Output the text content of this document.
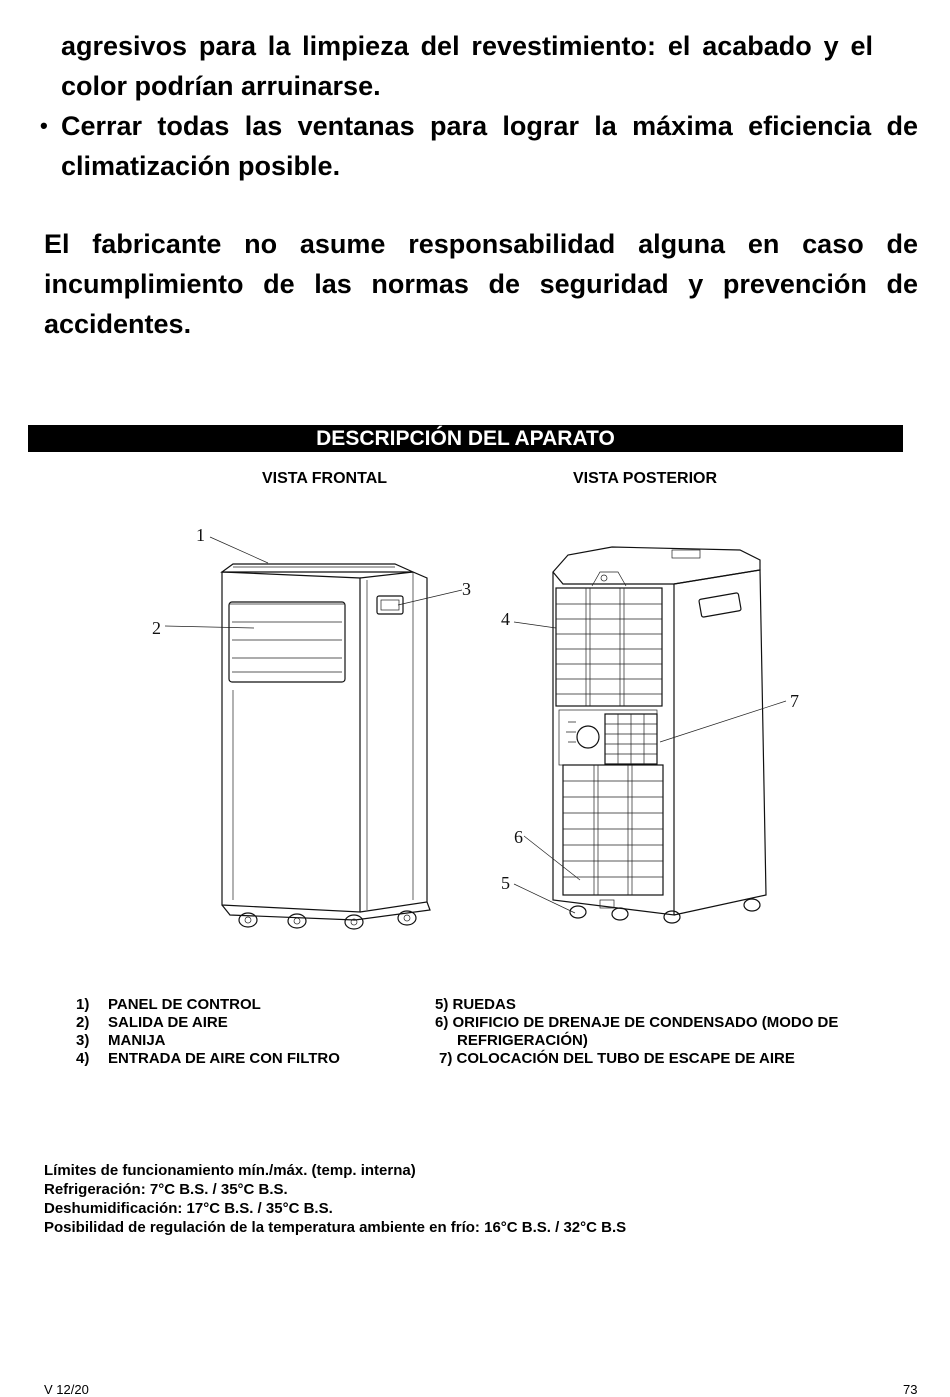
agresivos para la limpieza del revestimiento: el acabado y el

color podrían arruinarse.

• Cerrar todas las ventanas para lograr la máxima eficiencia de

climatización posible.

El fabricante no asume responsabilidad alguna en caso de

incumplimiento de las normas de seguridad y prevención de

accidentes.

DESCRIPCIÓN DEL APARATO
VISTA FRONTAL	VISTA POSTERIOR
1
2
3
4
5
6
7
1) PANEL DE CONTROL
2) SALIDA DE AIRE
3) MANIJA
4) ENTRADA DE AIRE CON FILTRO
5) RUEDAS
6) ORIFICIO DE DRENAJE DE CONDENSADO (MODO DE
REFRIGERACIÓN)
7) COLOCACIÓN DEL TUBO DE ESCAPE DE AIRE
Límites de funcionamiento mín./máx. (temp. interna)
Refrigeración: 7°C B.S. / 35°C B.S.
Deshumidificación: 17°C B.S. / 35°C B.S.
Posibilidad de regulación de la temperatura ambiente en frío: 16°C B.S. / 32°C B.S
V 12/20	73
